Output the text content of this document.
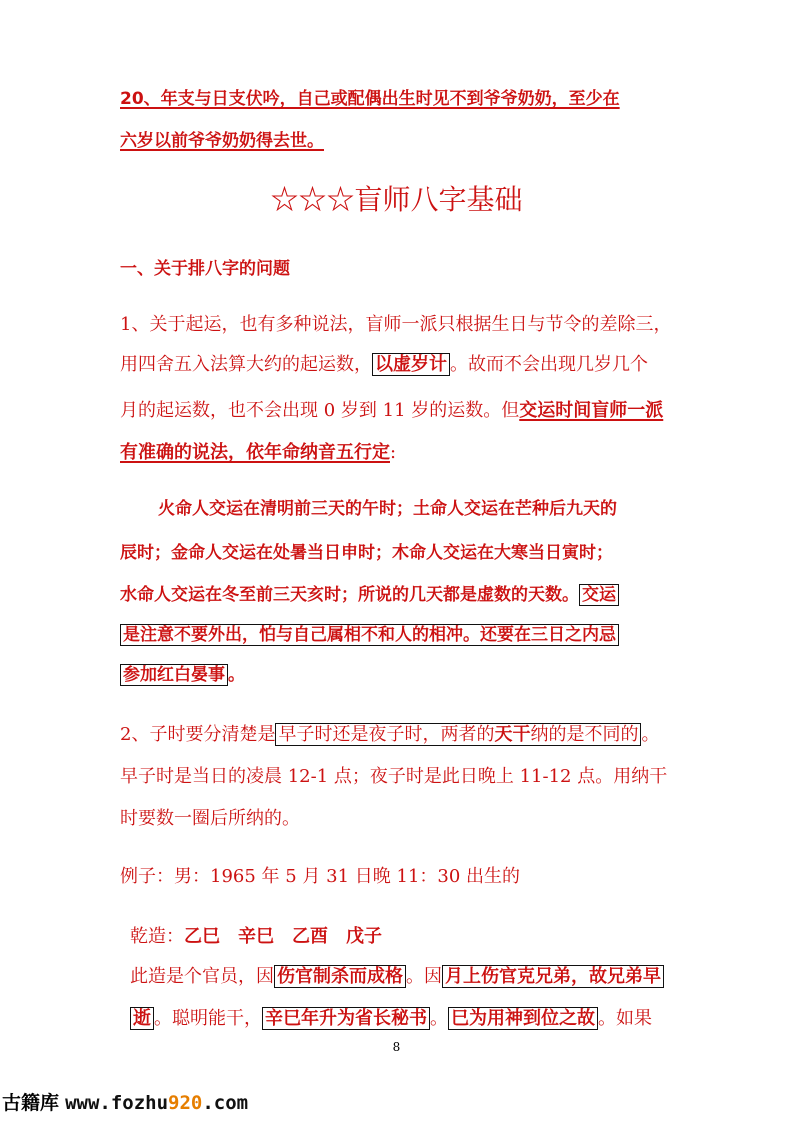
20、年支与日支伏吟，自己或配偶出生时见不到爷爷奶奶，至少在
六岁以前爷爷奶奶得去世。
☆☆☆盲师八字基础
一、关于排八字的问题
1、关于起运，也有多种说法，盲师一派只根据生日与节令的差除三，
用四舍五入法算大约的起运数， 以虚岁计 。故而不会出现几岁几个
月的起运数，也不会出现 0 岁到 11 岁的运数。但交运时间盲师一派
有准确的说法，依年命纳音五行定:
火命人交运在清明前三天的午时；土命人交运在芒种后九天的
辰时；金命人交运在处暑当日申时；木命人交运在大寒当日寅时；
水命人交运在冬至前三天亥时；所说的几天都是虚数的天数。 交运
是注意不要外出，怕与自己属相不和人的相冲。还要在三日之内忌
参加红白晏事 。
2、子时要分清楚是 早子时还是夜子时，两者的天干纳的是不同的 。
早子时是当日的凌晨 12-1 点；夜子时是此日晚上 11-12 点。用纳干
时要数一圈后所纳的。
例子：男：1965 年 5 月 31 日晚 11：30 出生的
乾造：乙巳　辛巳　乙酉　戊子
此造是个官员，因 伤官制杀而成格 。因 月上伤官克兄弟，故兄弟早
逝 。聪明能干， 辛巳年升为省长秘书 。 巳为用神到位之故 。如果
8
古籍库 www.fozhu920.com
